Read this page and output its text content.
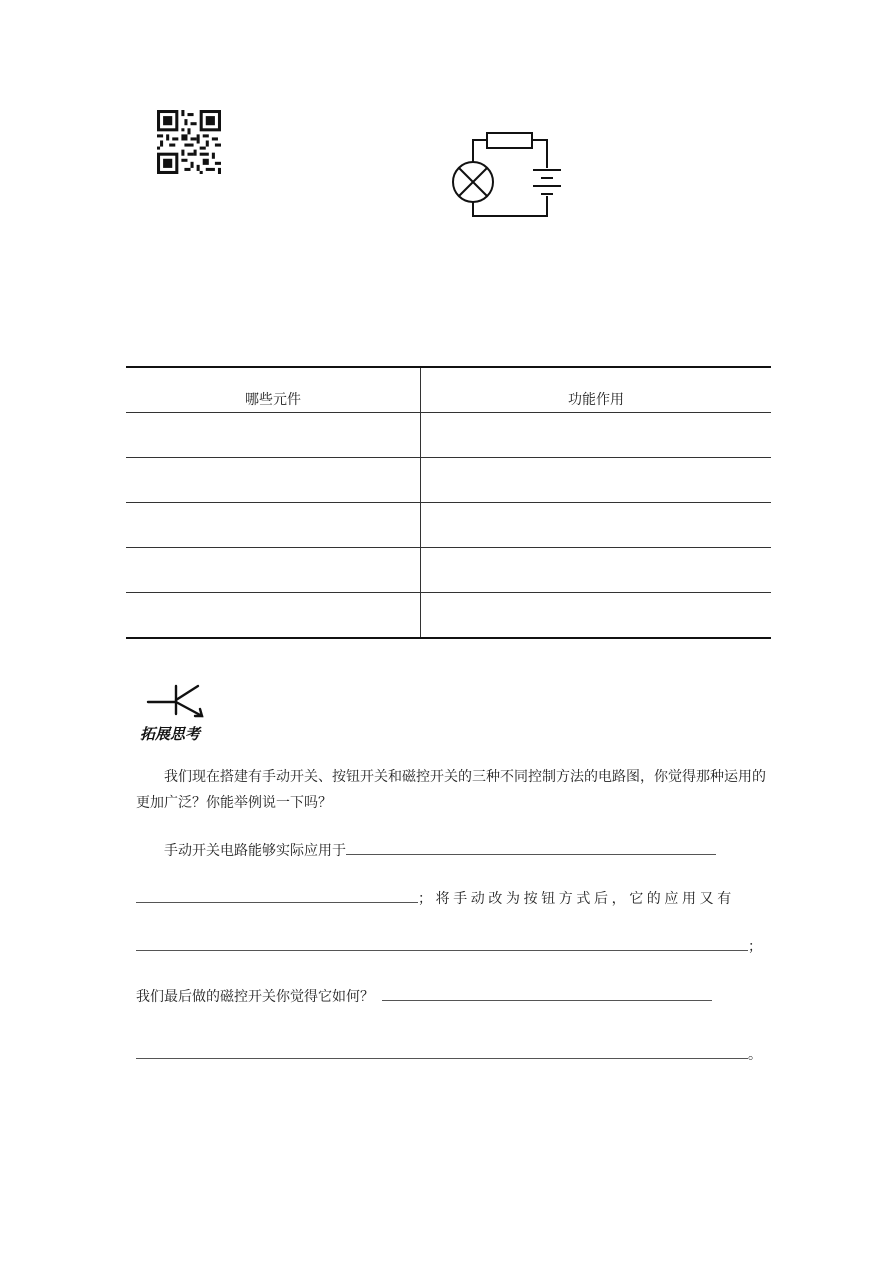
哪些元件	功能作用

拓展思考
我们现在搭建有手动开关、按钮开关和磁控开关的三种不同控制方法的电路图，你觉得那种运用的更加广泛？你能举例说一下吗？
手动开关电路能够实际应用于
；将手动改为按钮方式后，它的应用又有
；
我们最后做的磁控开关你觉得它如何？
。
